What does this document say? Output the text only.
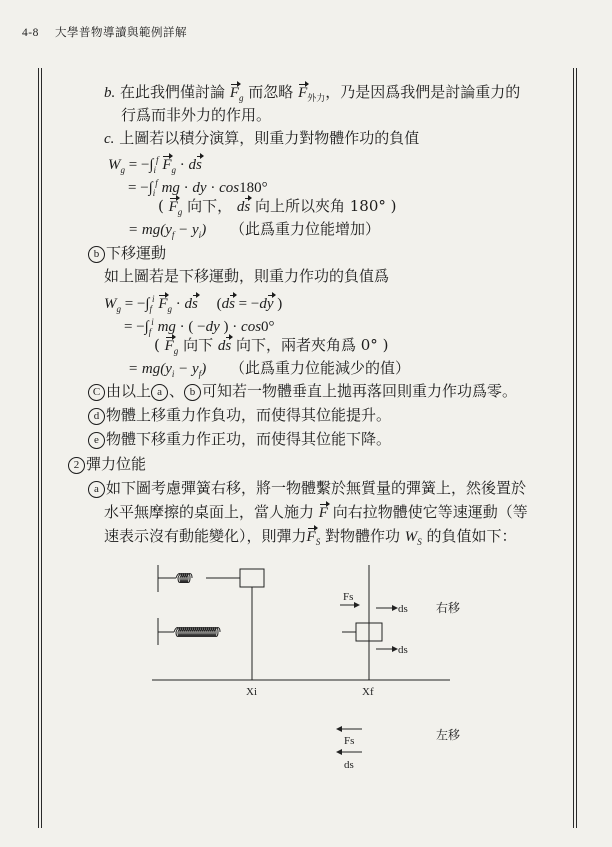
4-8 大學普物導讀與範例詳解
b. 在此我們僅討論 $F_g$ 而忽略 $F_{外力}$，乃是因爲我們是討論重力的
行爲而非外力的作用。
c. 上圖若以積分演算，則重力對物體作功的負值
$W_g = -\int_i^f$ $F_g$ · ds
= $-\int_i^f$ mg · dy · cos180°
( $F_g$ 向下， ds 向上所以夾角 180° )
= $mg(y_f - y_i)$ （此爲重力位能增加）
b 下移運動
如上圖若是下移運動，則重力作功的負值爲
$W_g = -\int_f^i$ $F_g$ · ds (ds = −dy )
= $-\int_f^i$ mg · ( −dy ) · cos0°
( $F_g$ 向下 ds 向下，兩者夾角爲 0° )
= $mg(y_i - y_f)$ （此爲重力位能減少的值）
C 由以上 a 、 b 可知若一物體垂直上拋再落回則重力作功爲零。
d 物體上移重力作負功，而使得其位能提升。
e 物體下移重力作正功，而使得其位能下降。
2 彈力位能
a 如下圖考慮彈簧右移，將一物體繫於無質量的彈簧上，然後置於
水平無摩擦的桌面上，當人施力 F 向右拉物體使它等速運動（等
速表示沒有動能變化），則彈力$F_S$ 對物體作功 $W_S$ 的負值如下：
Fs
ds
ds
Xi	Xf
Fs
ds
右移
左移
